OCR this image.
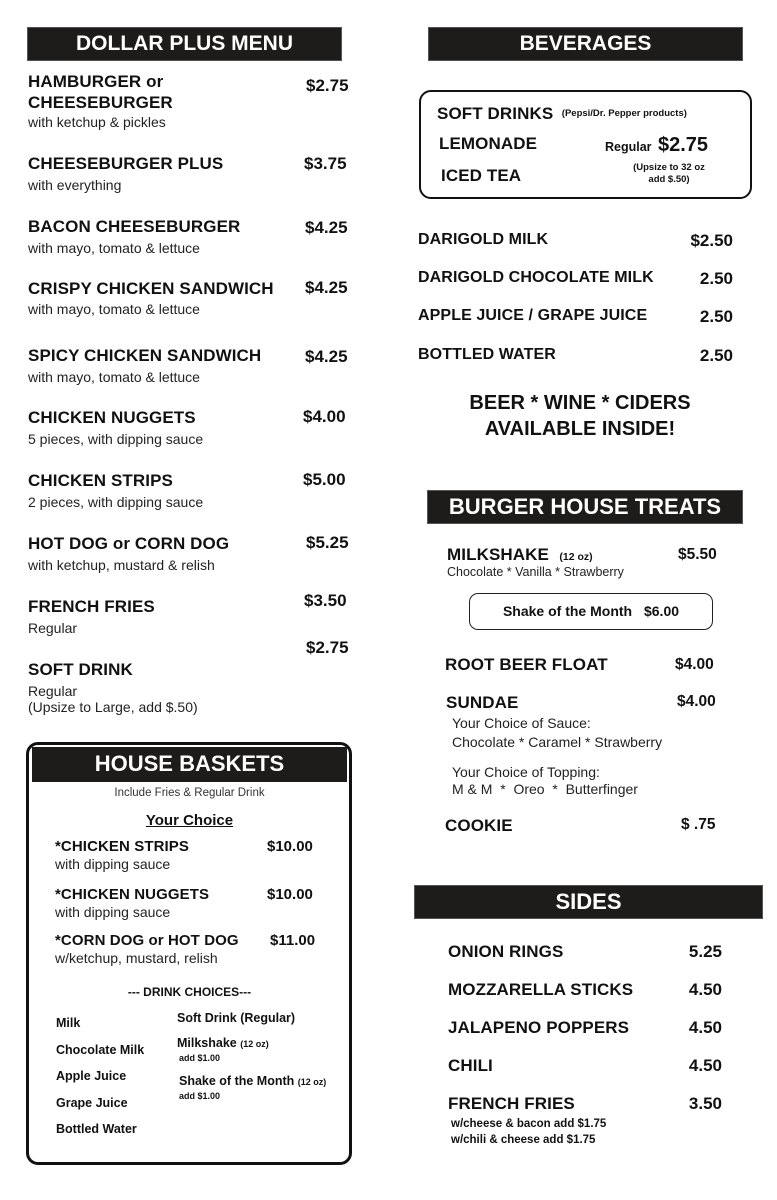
DOLLAR PLUS MENU
HAMBURGER or
CHEESEBURGER
with ketchup & pickles
$2.75
CHEESEBURGER PLUS
with everything
$3.75
BACON CHEESEBURGER
with mayo, tomato & lettuce
$4.25
CRISPY CHICKEN SANDWICH
with mayo, tomato & lettuce
$4.25
SPICY CHICKEN SANDWICH
with mayo, tomato & lettuce
$4.25
CHICKEN NUGGETS
5 pieces, with dipping sauce
$4.00
CHICKEN STRIPS
2 pieces, with dipping sauce
$5.00
HOT DOG or CORN DOG
with ketchup, mustard & relish
$5.25
FRENCH FRIES
Regular
$3.50
SOFT DRINK
Regular
(Upsize to Large, add $.50)
$2.75
HOUSE BASKETS
Include Fries & Regular Drink
Your Choice
*CHICKEN STRIPS
with dipping sauce
$10.00
*CHICKEN NUGGETS
with dipping sauce
$10.00
*CORN DOG or HOT DOG
w/ketchup, mustard, relish
$11.00
--- DRINK CHOICES---
Milk
Chocolate Milk
Apple Juice
Grape Juice
Bottled Water
Soft Drink (Regular)
Milkshake (12 oz)
add $1.00
Shake of the Month (12 oz)
add $1.00
BEVERAGES
SOFT DRINKS (Pepsi/Dr. Pepper products)
LEMONADE
ICED TEA
Regular $2.75
(Upsize to 32 oz
add $.50)
DARIGOLD MILK	$2.50
DARIGOLD CHOCOLATE MILK	2.50
APPLE JUICE / GRAPE JUICE	2.50
BOTTLED WATER	2.50
BEER * WINE * CIDERS
AVAILABLE INSIDE!
BURGER HOUSE TREATS
MILKSHAKE (12 oz)
Chocolate * Vanilla * Strawberry
$5.50
Shake of the Month $6.00
ROOT BEER FLOAT	$4.00
SUNDAE	$4.00
Your Choice of Sauce:
Chocolate * Caramel * Strawberry
Your Choice of Topping:
M & M  *  Oreo  *  Butterfinger
COOKIE	$ .75
SIDES
ONION RINGS	5.25
MOZZARELLA STICKS	4.50
JALAPENO POPPERS	4.50
CHILI	4.50
FRENCH FRIES	3.50
w/cheese & bacon add $1.75
w/chili & cheese add $1.75
